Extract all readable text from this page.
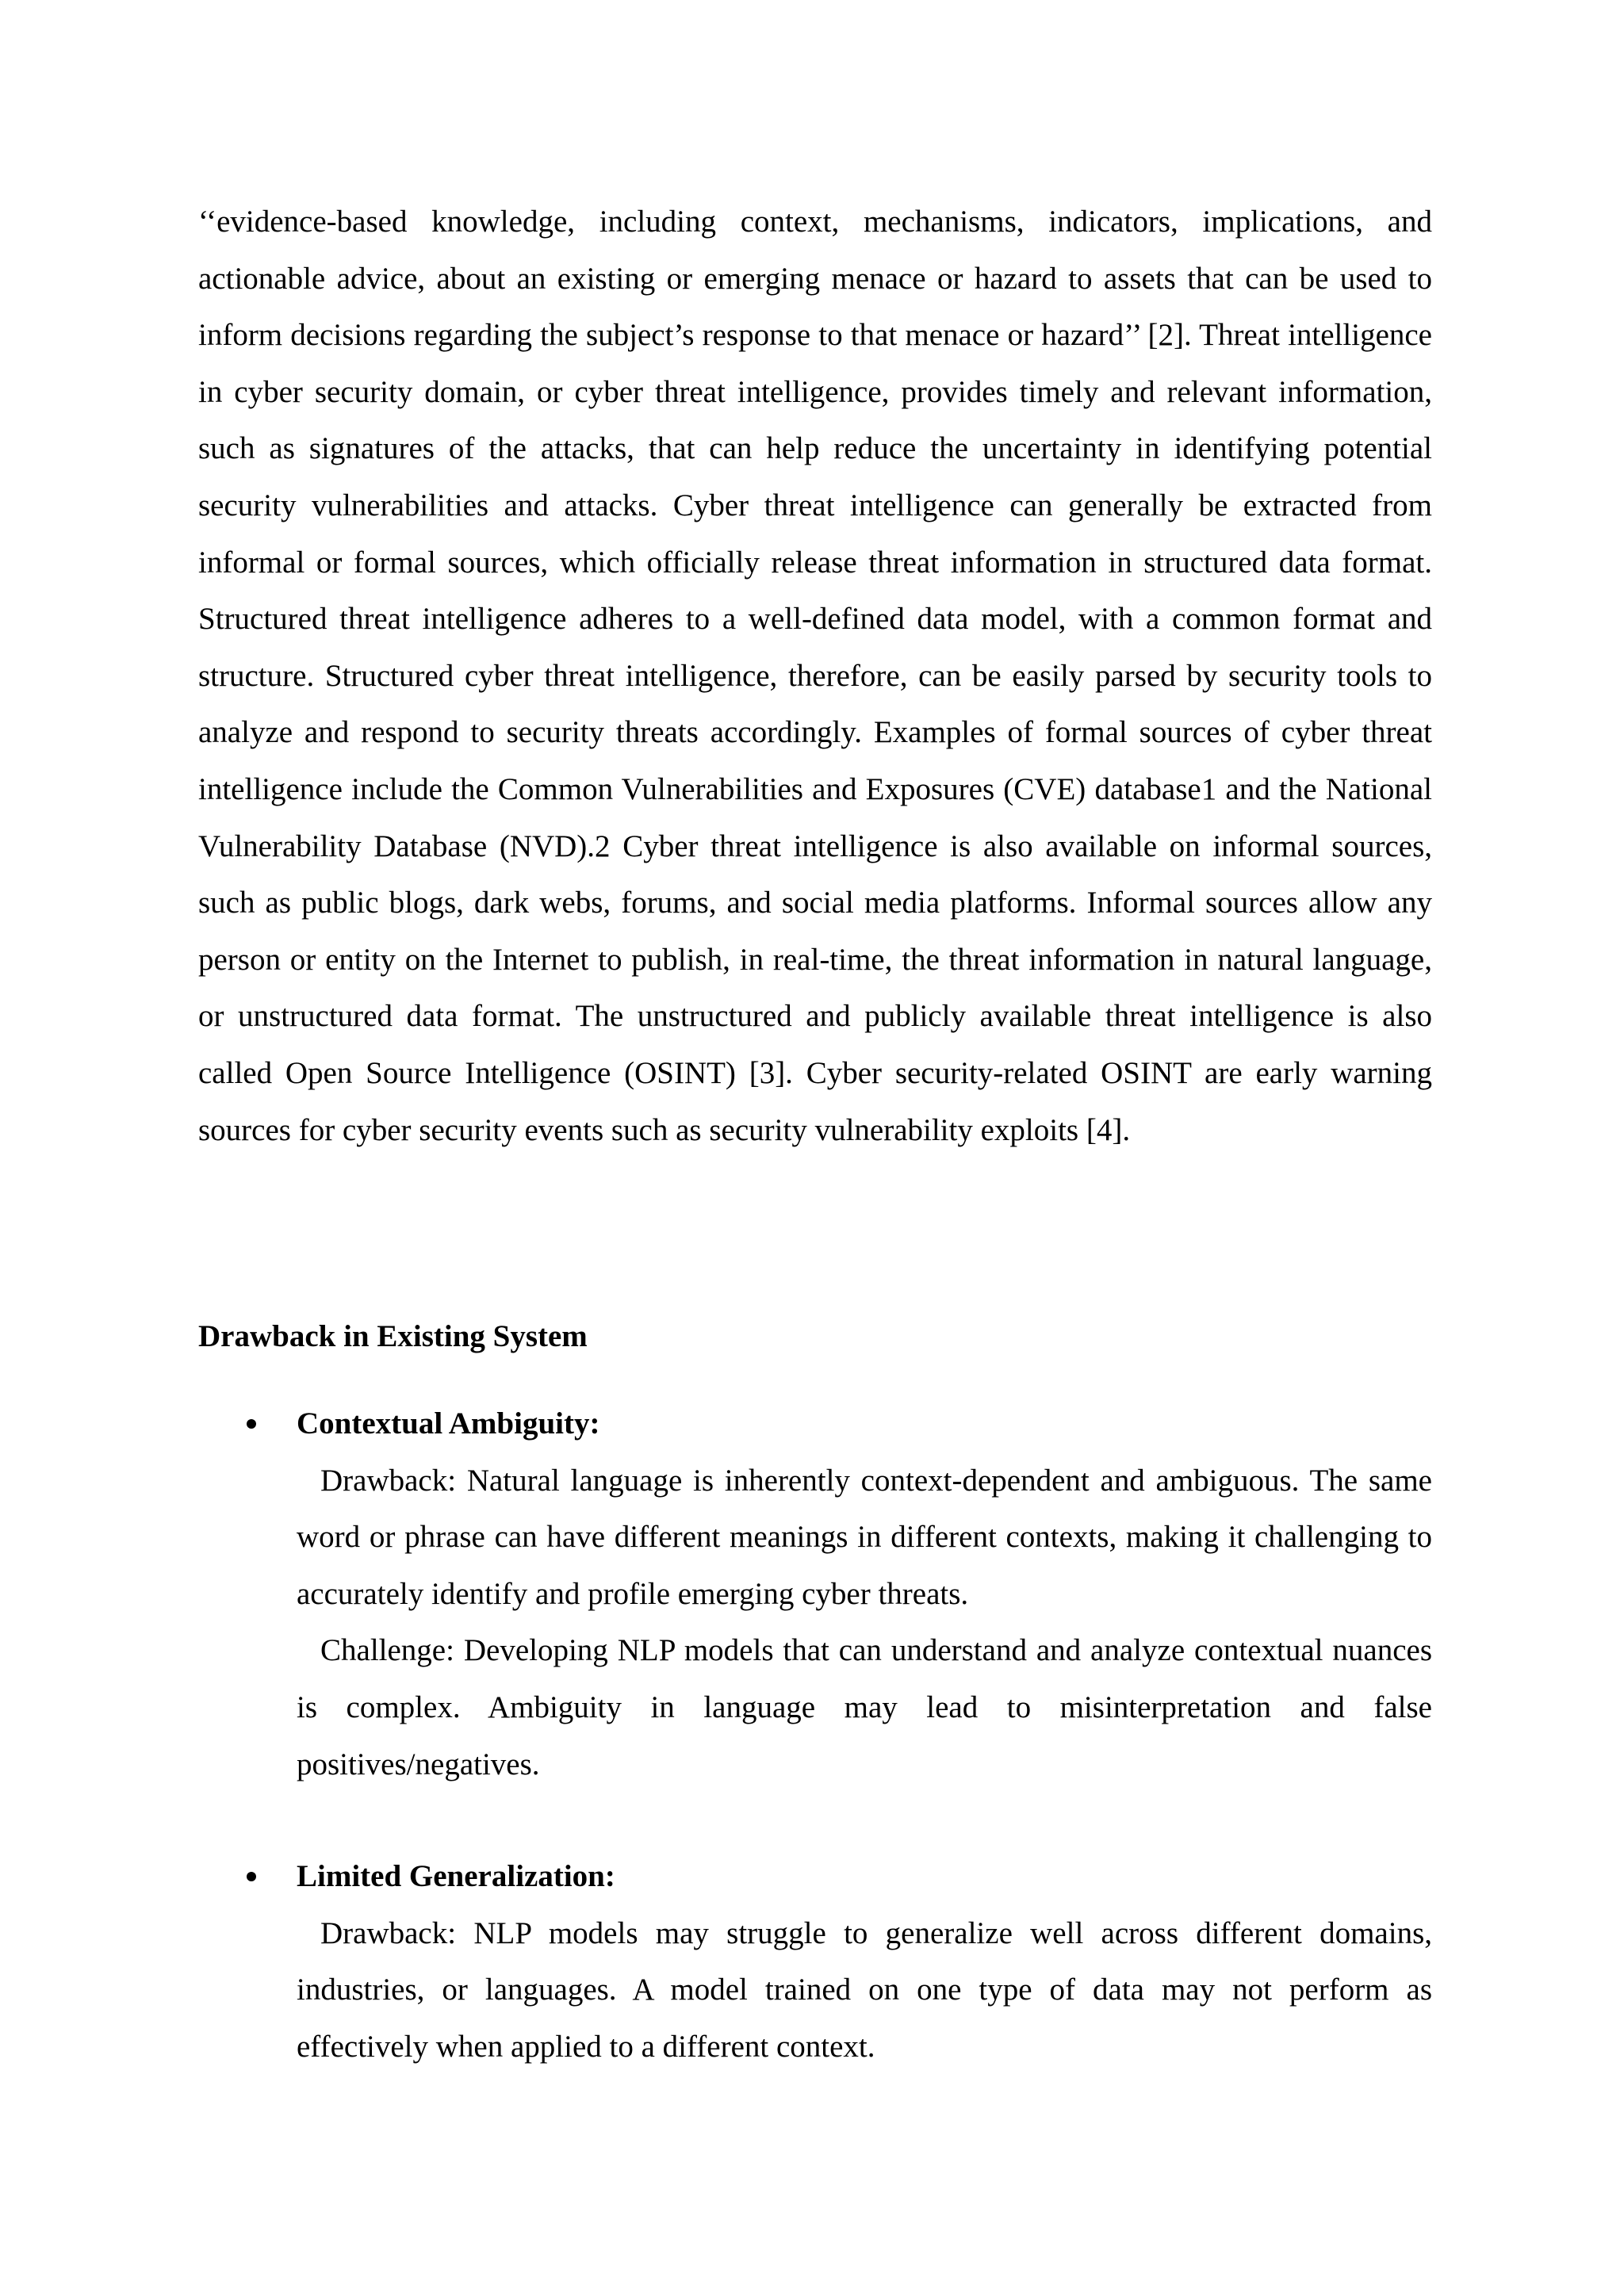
‘‘evidence-based knowledge, including context, mechanisms, indicators, implications, and actionable advice, about an existing or emerging menace or hazard to assets that can be used to inform decisions regarding the subject’s response to that menace or hazard’’ [2]. Threat intelligence in cyber security domain, or cyber threat intelligence, provides timely and relevant information, such as signatures of the attacks, that can help reduce the uncertainty in identifying potential security vulnerabilities and attacks. Cyber threat intelligence can generally be extracted from informal or formal sources, which officially release threat information in structured data format. Structured threat intelligence adheres to a well-defined data model, with a common format and structure. Structured cyber threat intelligence, therefore, can be easily parsed by security tools to analyze and respond to security threats accordingly. Examples of formal sources of cyber threat intelligence include the Common Vulnerabilities and Exposures (CVE) database1 and the National Vulnerability Database (NVD).2 Cyber threat intelligence is also available on informal sources, such as public blogs, dark webs, forums, and social media platforms. Informal sources allow any person or entity on the Internet to publish, in real-time, the threat information in natural language, or unstructured data format. The unstructured and publicly available threat intelligence is also called Open Source Intelligence (OSINT) [3]. Cyber security-related OSINT are early warning sources for cyber security events such as security vulnerability exploits [4].

Drawback in Existing System

Contextual Ambiguity:

Drawback: Natural language is inherently context-dependent and ambiguous. The same word or phrase can have different meanings in different contexts, making it challenging to accurately identify and profile emerging cyber threats.

Challenge: Developing NLP models that can understand and analyze contextual nuances is complex. Ambiguity in language may lead to misinterpretation and false positives/negatives.

Limited Generalization:

Drawback: NLP models may struggle to generalize well across different domains, industries, or languages. A model trained on one type of data may not perform as effectively when applied to a different context.
